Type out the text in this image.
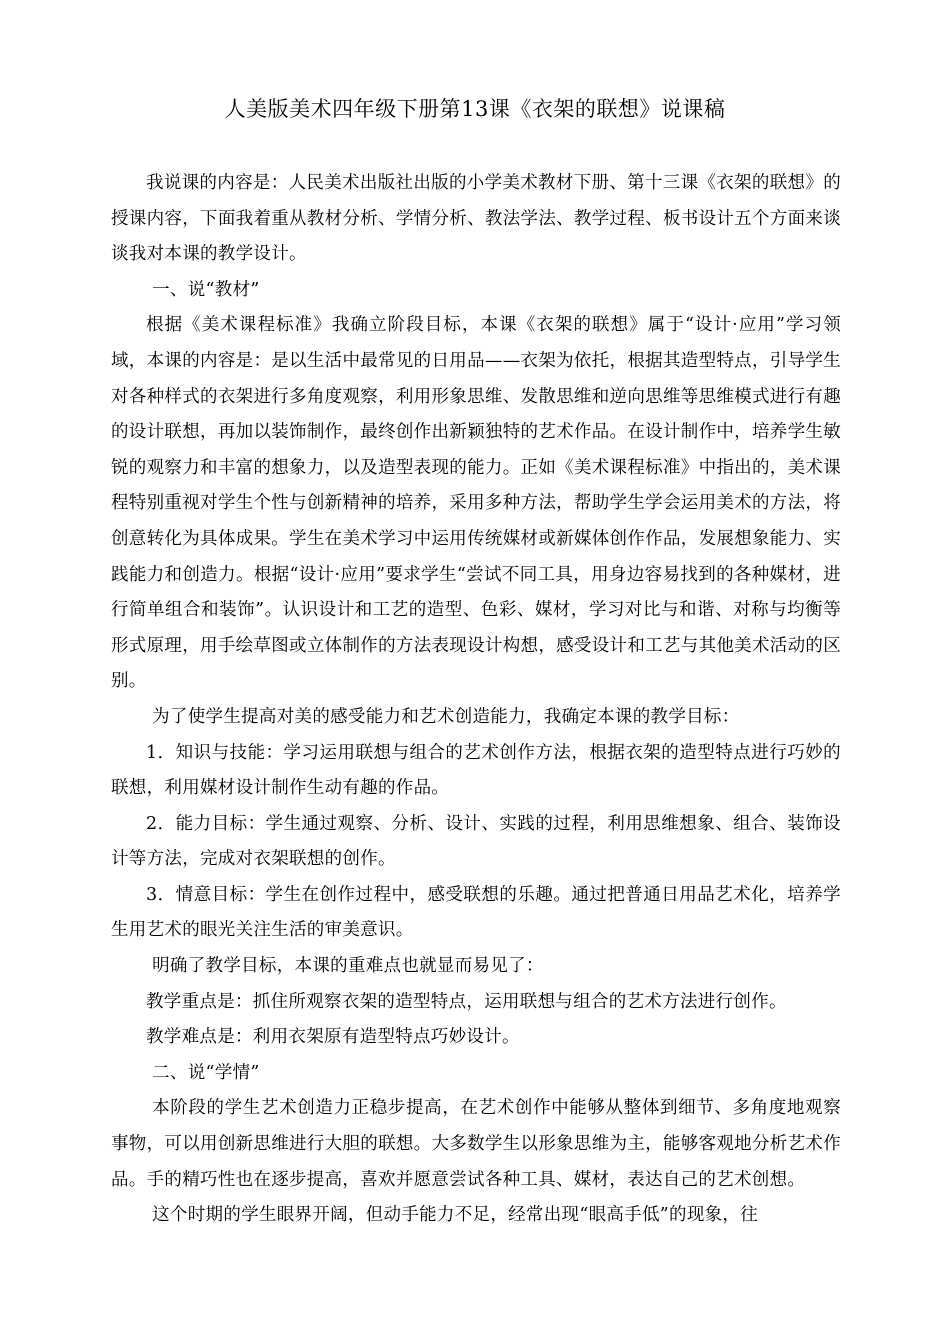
人美版美术四年级下册第13课《衣架的联想》说课稿

我说课的内容是：人民美术出版社出版的小学美术教材下册、第十三课《衣架的联想》的授课内容，下面我着重从教材分析、学情分析、教法学法、教学过程、板书设计五个方面来谈谈我对本课的教学设计。

一、说“教材”

根据《美术课程标准》我确立阶段目标，本课《衣架的联想》属于“设计·应用”学习领域，本课的内容是：是以生活中最常见的日用品——衣架为依托，根据其造型特点，引导学生对各种样式的衣架进行多角度观察，利用形象思维、发散思维和逆向思维等思维模式进行有趣的设计联想，再加以装饰制作，最终创作出新颖独特的艺术作品。在设计制作中，培养学生敏锐的观察力和丰富的想象力，以及造型表现的能力。正如《美术课程标准》中指出的，美术课程特别重视对学生个性与创新精神的培养，采用多种方法，帮助学生学会运用美术的方法，将创意转化为具体成果。学生在美术学习中运用传统媒材或新媒体创作作品，发展想象能力、实践能力和创造力。根据“设计·应用”要求学生“尝试不同工具，用身边容易找到的各种媒材，进行简单组合和装饰”。认识设计和工艺的造型、色彩、媒材，学习对比与和谐、对称与均衡等形式原理，用手绘草图或立体制作的方法表现设计构想，感受设计和工艺与其他美术活动的区别。

为了使学生提高对美的感受能力和艺术创造能力，我确定本课的教学目标：

1．知识与技能：学习运用联想与组合的艺术创作方法，根据衣架的造型特点进行巧妙的联想，利用媒材设计制作生动有趣的作品。

2．能力目标：学生通过观察、分析、设计、实践的过程，利用思维想象、组合、装饰设计等方法，完成对衣架联想的创作。

3．情意目标：学生在创作过程中，感受联想的乐趣。通过把普通日用品艺术化，培养学生用艺术的眼光关注生活的审美意识。

明确了教学目标，本课的重难点也就显而易见了：

教学重点是：抓住所观察衣架的造型特点，运用联想与组合的艺术方法进行创作。

教学难点是：利用衣架原有造型特点巧妙设计。

二、说“学情”

本阶段的学生艺术创造力正稳步提高，在艺术创作中能够从整体到细节、多角度地观察事物，可以用创新思维进行大胆的联想。大多数学生以形象思维为主，能够客观地分析艺术作品。手的精巧性也在逐步提高，喜欢并愿意尝试各种工具、媒材，表达自己的艺术创想。

这个时期的学生眼界开阔，但动手能力不足，经常出现“眼高手低”的现象，往
